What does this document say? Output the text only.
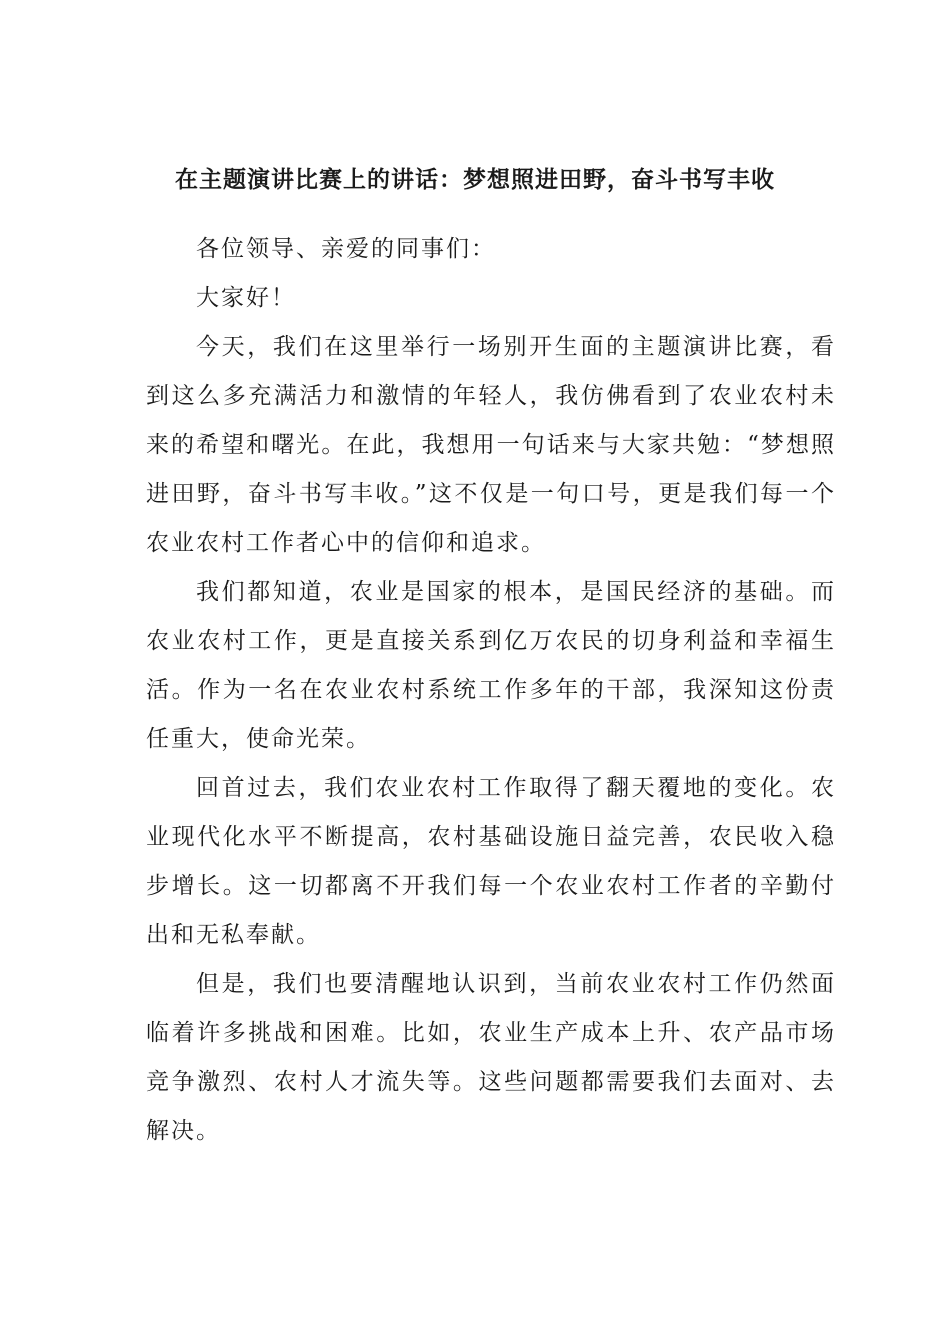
在主题演讲比赛上的讲话：梦想照进田野，奋斗书写丰收

各位领导、亲爱的同事们：

大家好！

今天，我们在这里举行一场别开生面的主题演讲比赛，看到这么多充满活力和激情的年轻人，我仿佛看到了农业农村未来的希望和曙光。在此，我想用一句话来与大家共勉：“梦想照进田野，奋斗书写丰收。”这不仅是一句口号，更是我们每一个农业农村工作者心中的信仰和追求。

我们都知道，农业是国家的根本，是国民经济的基础。而农业农村工作，更是直接关系到亿万农民的切身利益和幸福生活。作为一名在农业农村系统工作多年的干部，我深知这份责任重大，使命光荣。

回首过去，我们农业农村工作取得了翻天覆地的变化。农业现代化水平不断提高，农村基础设施日益完善，农民收入稳步增长。这一切都离不开我们每一个农业农村工作者的辛勤付出和无私奉献。

但是，我们也要清醒地认识到，当前农业农村工作仍然面临着许多挑战和困难。比如，农业生产成本上升、农产品市场竞争激烈、农村人才流失等。这些问题都需要我们去面对、去解决。
